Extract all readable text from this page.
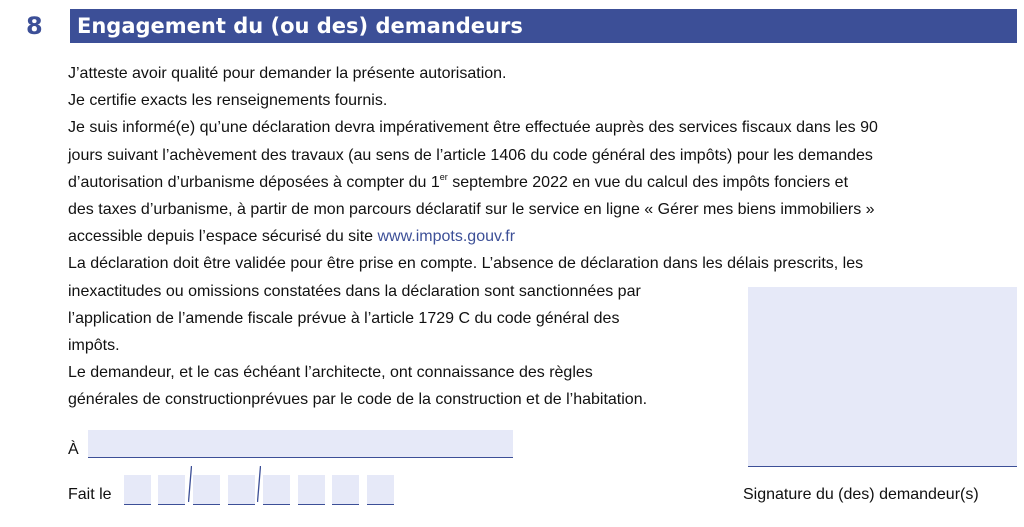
8	Engagement du (ou des) demandeurs

J’atteste avoir qualité pour demander la présente autorisation.

Je certifie exacts les renseignements fournis.

Je suis informé(e) qu’une déclaration devra impérativement être effectuée auprès des services fiscaux dans les 90

jours suivant l’achèvement des travaux (au sens de l’article 1406 du code général des impôts) pour les demandes

d’autorisation d’urbanisme déposées à compter du 1er septembre 2022 en vue du calcul des impôts fonciers et

des taxes d’urbanisme, à partir de mon parcours déclaratif sur le service en ligne « Gérer mes biens immobiliers »

accessible depuis l’espace sécurisé du site www.impots.gouv.fr

La déclaration doit être validée pour être prise en compte. L’absence de déclaration dans les délais prescrits, les

inexactitudes ou omissions constatées dans la déclaration sont sanctionnées par

l’application de l’amende fiscale prévue à l’article 1729 C du code général des

impôts.

Le demandeur, et le cas échéant l’architecte, ont connaissance des règles

générales de constructionprévues par le code de la construction et de l’habitation.

À
Fait le	Signature du (des) demandeur(s)
